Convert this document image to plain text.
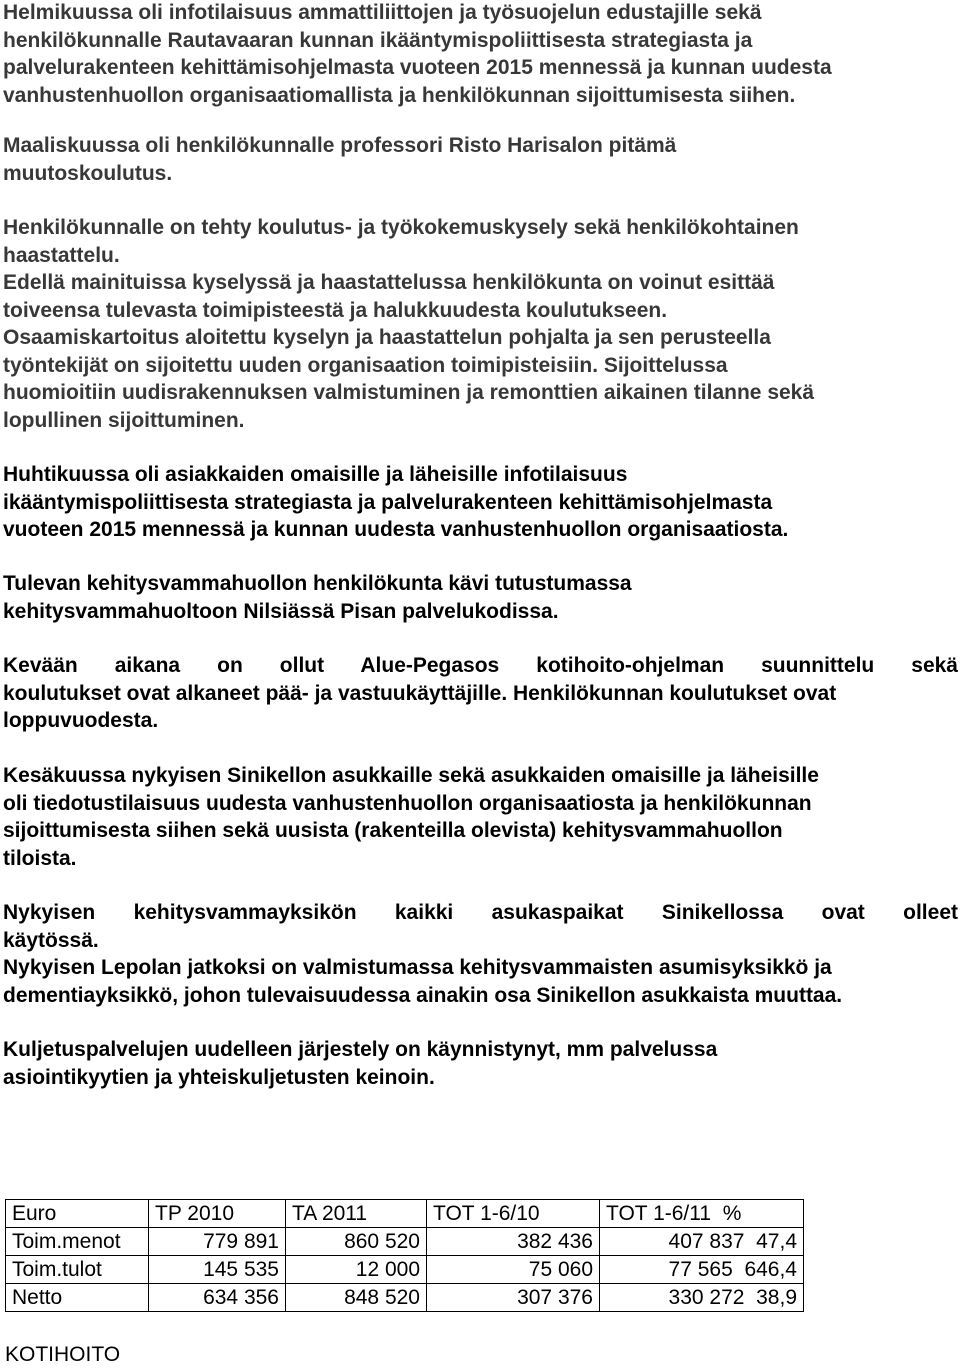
Helmikuussa oli infotilaisuus ammattiliittojen ja työsuojelun edustajille sekä
henkilökunnalle Rautavaaran kunnan ikääntymispoliittisesta strategiasta ja
palvelurakenteen kehittämisohjelmasta vuoteen 2015 mennessä ja kunnan uudesta
vanhustenhuollon organisaatiomallista ja henkilökunnan sijoittumisesta siihen.
Maaliskuussa oli henkilökunnalle professori Risto Harisalon pitämä
muutoskoulutus.
Henkilökunnalle on tehty koulutus- ja työkokemuskysely sekä henkilökohtainen
haastattelu.
Edellä mainituissa kyselyssä ja haastattelussa henkilökunta on voinut esittää
toiveensa tulevasta toimipisteestä ja halukkuudesta koulutukseen.
Osaamiskartoitus aloitettu kyselyn ja haastattelun pohjalta ja sen perusteella
työntekijät on sijoitettu uuden organisaation toimipisteisiin. Sijoittelussa
huomioitiin uudisrakennuksen valmistuminen ja remonttien aikainen tilanne sekä
lopullinen sijoittuminen.
Huhtikuussa oli asiakkaiden omaisille ja läheisille infotilaisuus
ikääntymispoliittisesta strategiasta ja palvelurakenteen kehittämisohjelmasta
vuoteen 2015 mennessä ja kunnan uudesta vanhustenhuollon organisaatiosta.
Tulevan kehitysvammahuollon henkilökunta kävi tutustumassa
kehitysvammahuoltoon Nilsiässä Pisan palvelukodissa.
Kevään aikana on ollut Alue-Pegasos kotihoito-ohjelman suunnittelu sekä
koulutukset ovat alkaneet pää- ja vastuukäyttäjille. Henkilökunnan koulutukset ovat
loppuvuodesta.
Kesäkuussa nykyisen Sinikellon asukkaille sekä asukkaiden omaisille ja läheisille
oli tiedotustilaisuus uudesta vanhustenhuollon organisaatiosta ja henkilökunnan
sijoittumisesta siihen sekä uusista (rakenteilla olevista) kehitysvammahuollon
tiloista.
Nykyisen kehitysvammayksikön kaikki asukaspaikat Sinikellossa ovat olleet
käytössä.
Nykyisen Lepolan jatkoksi on valmistumassa kehitysvammaisten asumisyksikkö ja
dementiayksikkö, johon tulevaisuudessa ainakin osa Sinikellon asukkaista muuttaa.
Kuljetuspalvelujen uudelleen järjestely on käynnistynyt, mm palvelussa
asiointikyytien ja yhteiskuljetusten keinoin.
Euro	TP 2010	TA 2011	TOT 1-6/10	TOT 1-6/11 %
Toim.menot	779 891	860 520	382 436	407 837 47,4
Toim.tulot	145 535	12 000	75 060	77 565 646,4
Netto	634 356	848 520	307 376	330 272 38,9
KOTIHOITO
